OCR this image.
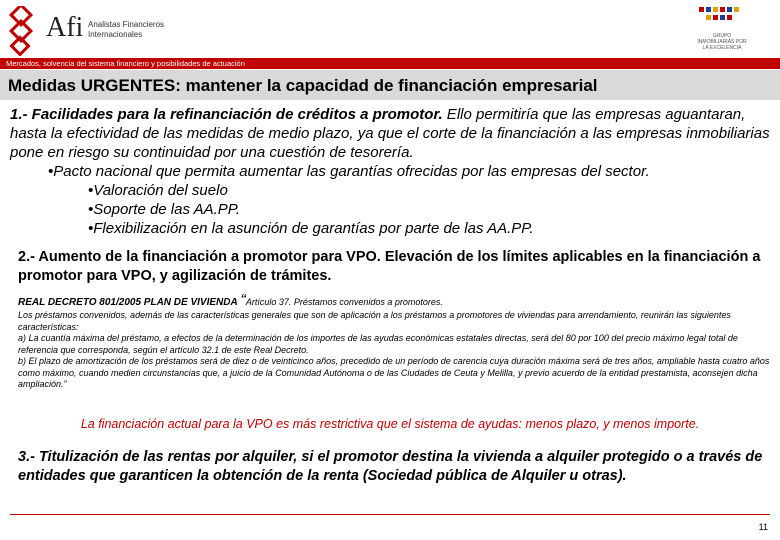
Afi Analistas Financieros
Internacionales	GRUPO
INMOBILIARIAS POR
LA EXCELENCIA
Mercados, solvencia del sistema financiero y posibilidades de actuación
Medidas URGENTES: mantener la capacidad de financiación empresarial

1.- Facilidades para la refinanciación de créditos a promotor. Ello permitiría que las empresas aguantaran, hasta la efectividad de las medidas de medio plazo, ya que el corte de la financiación a las empresas inmobiliarias pone en riesgo su continuidad por una cuestión de tesorería.

•Pacto nacional que permita aumentar las garantías ofrecidas por las empresas del sector.

•Valoración del suelo

•Soporte de las AA.PP.

•Flexibilización en la asunción de garantías por parte de las AA.PP.

2.- Aumento de la financiación a promotor para VPO. Elevación de los límites aplicables en la financiación a promotor para VPO, y agilización de trámites.
REAL DECRETO 801/2005 PLAN DE VIVIENDA “Artículo 37. Préstamos convenidos a promotores.

Los préstamos convenidos, además de las características generales que son de aplicación a los préstamos a promotores de viviendas para arrendamiento, reunirán las siguientes características:

a) La cuantía máxima del préstamo, a efectos de la determinación de los importes de las ayudas económicas estatales directas, será del 80 por 100 del precio máximo legal total de referencia que corresponda, según el artículo 32.1 de este Real Decreto.

b) El plazo de amortización de los préstamos será de diez o de veinticinco años, precedido de un período de carencia cuya duración máxima será de tres años, ampliable hasta cuatro años como máximo, cuando medien circunstancias que, a juicio de la Comunidad Autónoma o de las Ciudades de Ceuta y Melilla, y previo acuerdo de la entidad prestamista, aconsejen dicha ampliación.”

La financiación actual para la VPO es más restrictiva que el sistema de ayudas: menos plazo, y menos importe.
3.- Titulización de las rentas por alquiler, si el promotor destina la vivienda a alquiler protegido o a través de entidades que garanticen la obtención de la renta (Sociedad pública de Alquiler u otras).
11
